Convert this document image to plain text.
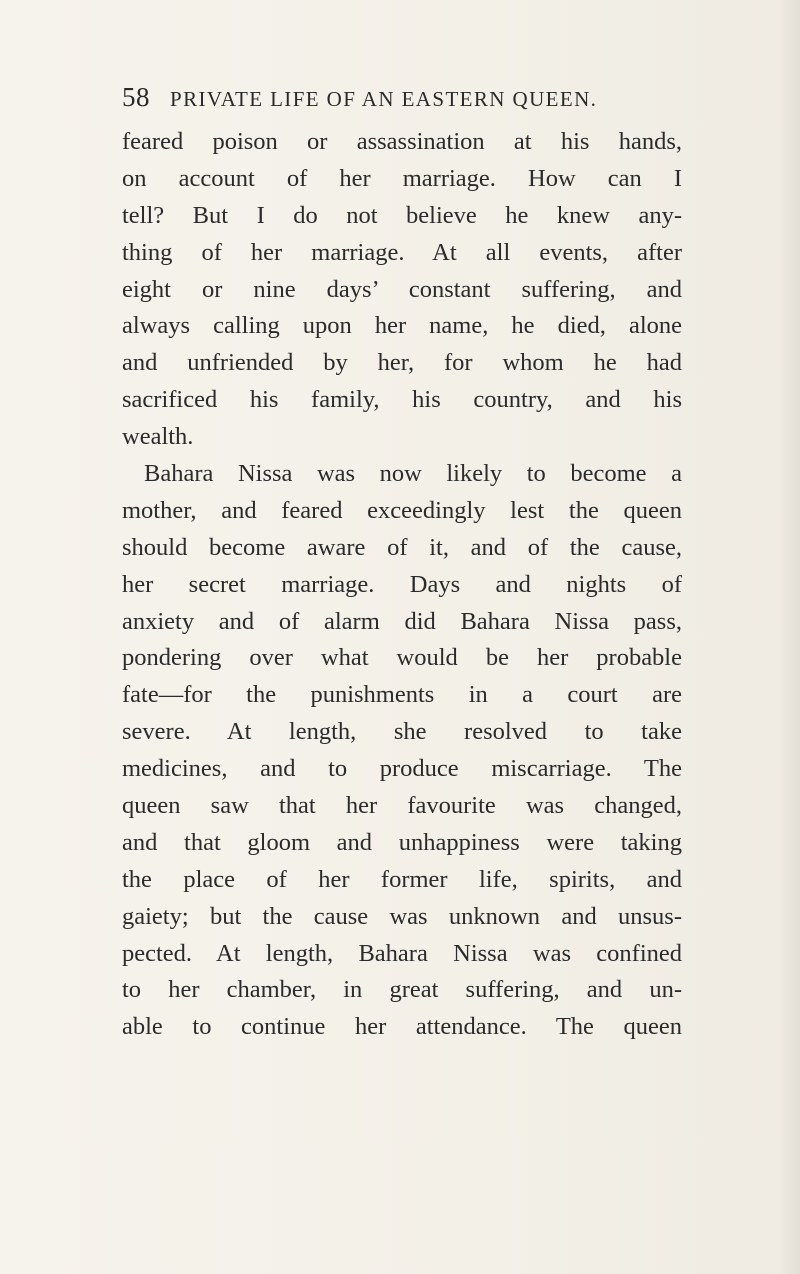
58 PRIVATE LIFE OF AN EASTERN QUEEN.
feared poison or assassination at his hands,
on account of her marriage. How can I
tell? But I do not believe he knew any-
thing of her marriage. At all events, after
eight or nine days’ constant suffering, and
always calling upon her name, he died, alone
and unfriended by her, for whom he had
sacrificed his family, his country, and his
wealth.
Bahara Nissa was now likely to become a
mother, and feared exceedingly lest the queen
should become aware of it, and of the cause,
her secret marriage. Days and nights of
anxiety and of alarm did Bahara Nissa pass,
pondering over what would be her probable
fate—for the punishments in a court are
severe. At length, she resolved to take
medicines, and to produce miscarriage. The
queen saw that her favourite was changed,
and that gloom and unhappiness were taking
the place of her former life, spirits, and
gaiety; but the cause was unknown and unsus-
pected. At length, Bahara Nissa was confined
to her chamber, in great suffering, and un-
able to continue her attendance. The queen
